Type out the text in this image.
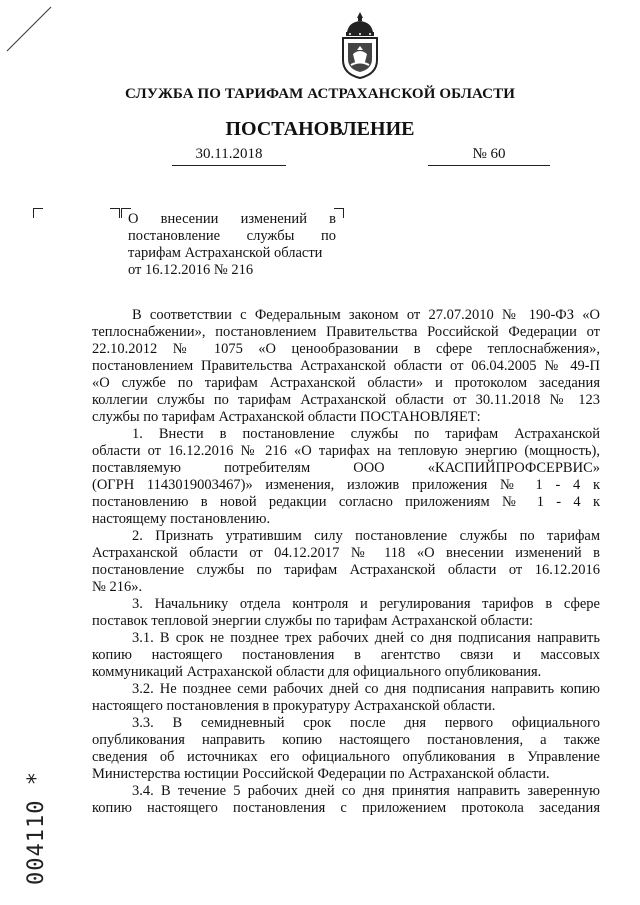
СЛУЖБА ПО ТАРИФАМ АСТРАХАНСКОЙ ОБЛАСТИ
ПОСТАНОВЛЕНИЕ
30.11.2018	№ 60
О внесении изменений в
постановление службы по
тарифам Астраханской области
от 16.12.2016 № 216
В соответствии с Федеральным законом от 27.07.2010 № 190-ФЗ «О
теплоснабжении», постановлением Правительства Российской Федерации от
22.10.2012 № 1075 «О ценообразовании в сфере теплоснабжения»,
постановлением Правительства Астраханской области от 06.04.2005 № 49-П
«О службе по тарифам Астраханской области» и протоколом заседания
коллегии службы по тарифам Астраханской области от 30.11.2018 № 123
службы по тарифам Астраханской области ПОСТАНОВЛЯЕТ:
1. Внести в постановление службы по тарифам Астраханской
области от 16.12.2016 № 216 «О тарифах на тепловую энергию (мощность),
поставляемую потребителям ООО «КАСПИЙПРОФСЕРВИС»
(ОГРН 1143019003467)» изменения, изложив приложения № 1 - 4 к
постановлению в новой редакции согласно приложениям № 1 - 4 к
настоящему постановлению.
2. Признать утратившим силу постановление службы по тарифам
Астраханской области от 04.12.2017 № 118 «О внесении изменений в
постановление службы по тарифам Астраханской области от 16.12.2016
№ 216».
3. Начальнику отдела контроля и регулирования тарифов в сфере
поставок тепловой энергии службы по тарифам Астраханской области:
3.1. В срок не позднее трех рабочих дней со дня подписания направить
копию настоящего постановления в агентство связи и массовых
коммуникаций Астраханской области для официального опубликования.
3.2. Не позднее семи рабочих дней со дня подписания направить копию
настоящего постановления в прокуратуру Астраханской области.
3.3. В семидневный срок после дня первого официального
опубликования направить копию настоящего постановления, а также
сведения об источниках его официального опубликования в Управление
Министерства юстиции Российской Федерации по Астраханской области.
3.4. В течение 5 рабочих дней со дня принятия направить заверенную
копию настоящего постановления с приложением протокола заседания
004110 *
